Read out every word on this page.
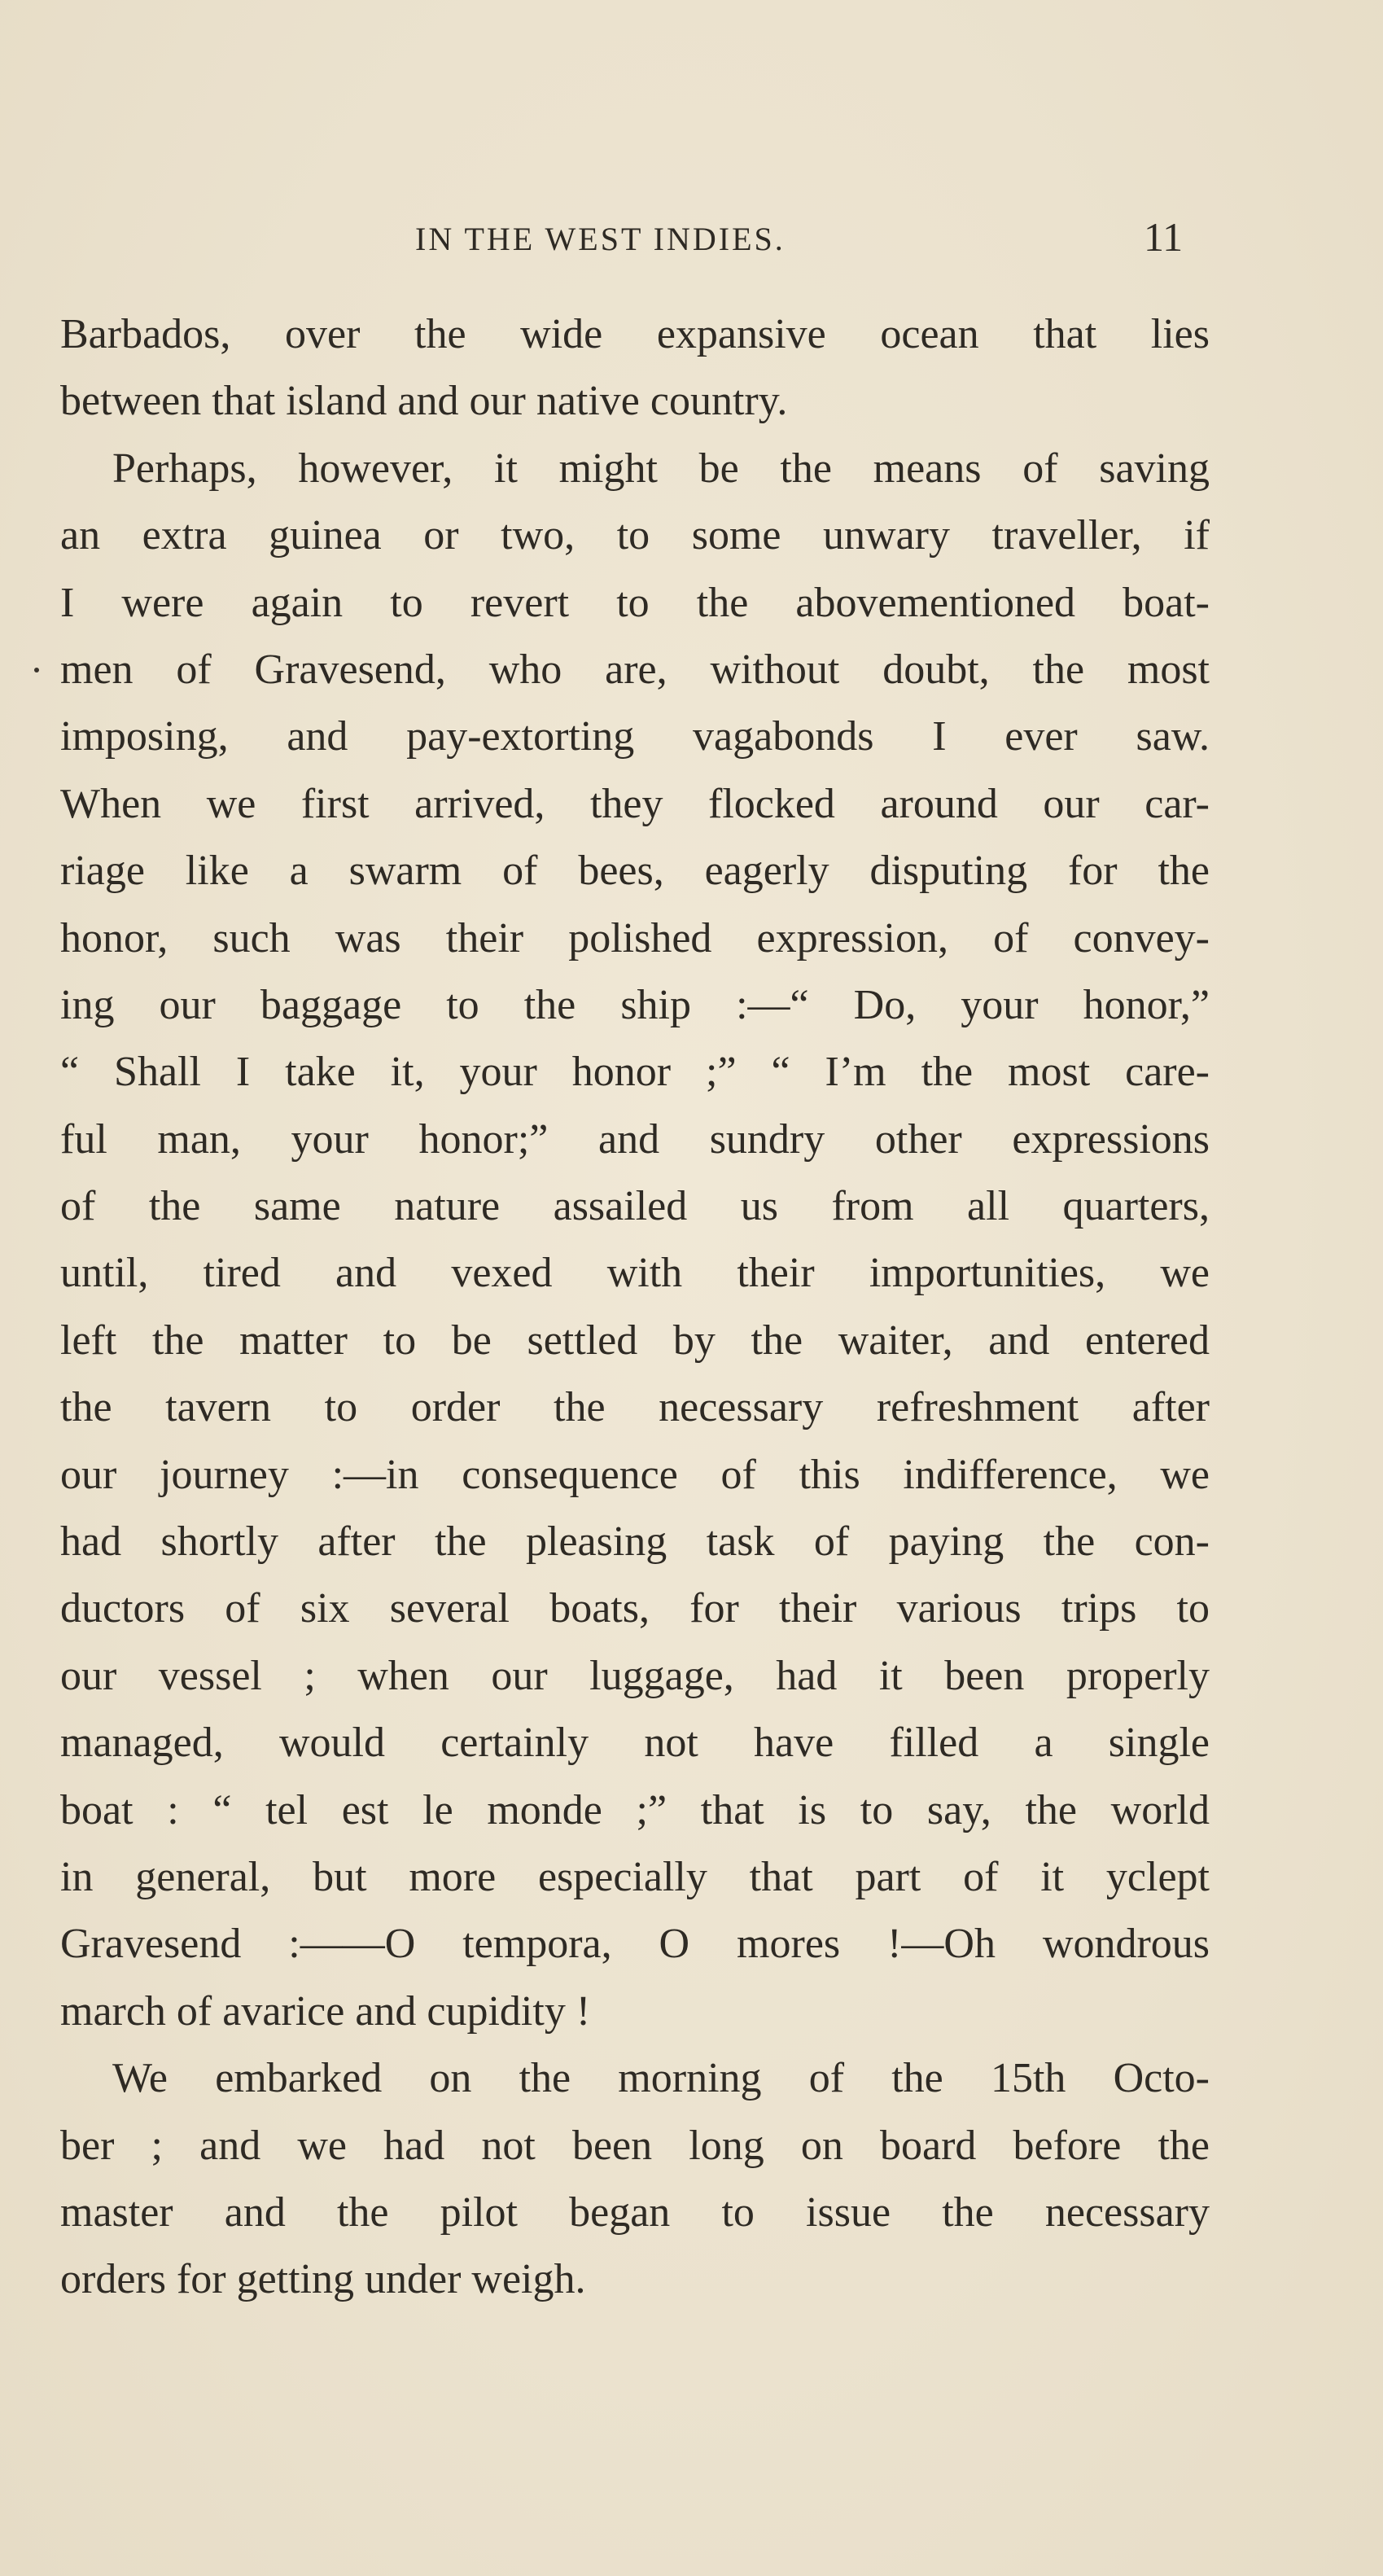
IN THE WEST INDIES.	11
Barbados, over the wide expansive ocean that lies
between that island and our native country.
Perhaps, however, it might be the means of saving
an extra guinea or two, to some unwary traveller, if
I were again to revert to the abovementioned boat-
men of Gravesend, who are, without doubt, the most
imposing, and pay-extorting vagabonds I ever saw.
When we first arrived, they flocked around our car-
riage like a swarm of bees, eagerly disputing for the
honor, such was their polished expression, of convey-
ing our baggage to the ship :—“ Do, your honor,”
“ Shall I take it, your honor ;” “ I’m the most care-
ful man, your honor;” and sundry other expressions
of the same nature assailed us from all quarters,
until, tired and vexed with their importunities, we
left the matter to be settled by the waiter, and entered
the tavern to order the necessary refreshment after
our journey :—in consequence of this indifference, we
had shortly after the pleasing task of paying the con-
ductors of six several boats, for their various trips to
our vessel ; when our luggage, had it been properly
managed, would certainly not have filled a single
boat : “ tel est le monde ;” that is to say, the world
in general, but more especially that part of it yclept
Gravesend :——O tempora, O mores !—Oh wondrous
march of avarice and cupidity !
We embarked on the morning of the 15th Octo-
ber ; and we had not been long on board before the
master and the pilot began to issue the necessary
orders for getting under weigh.
